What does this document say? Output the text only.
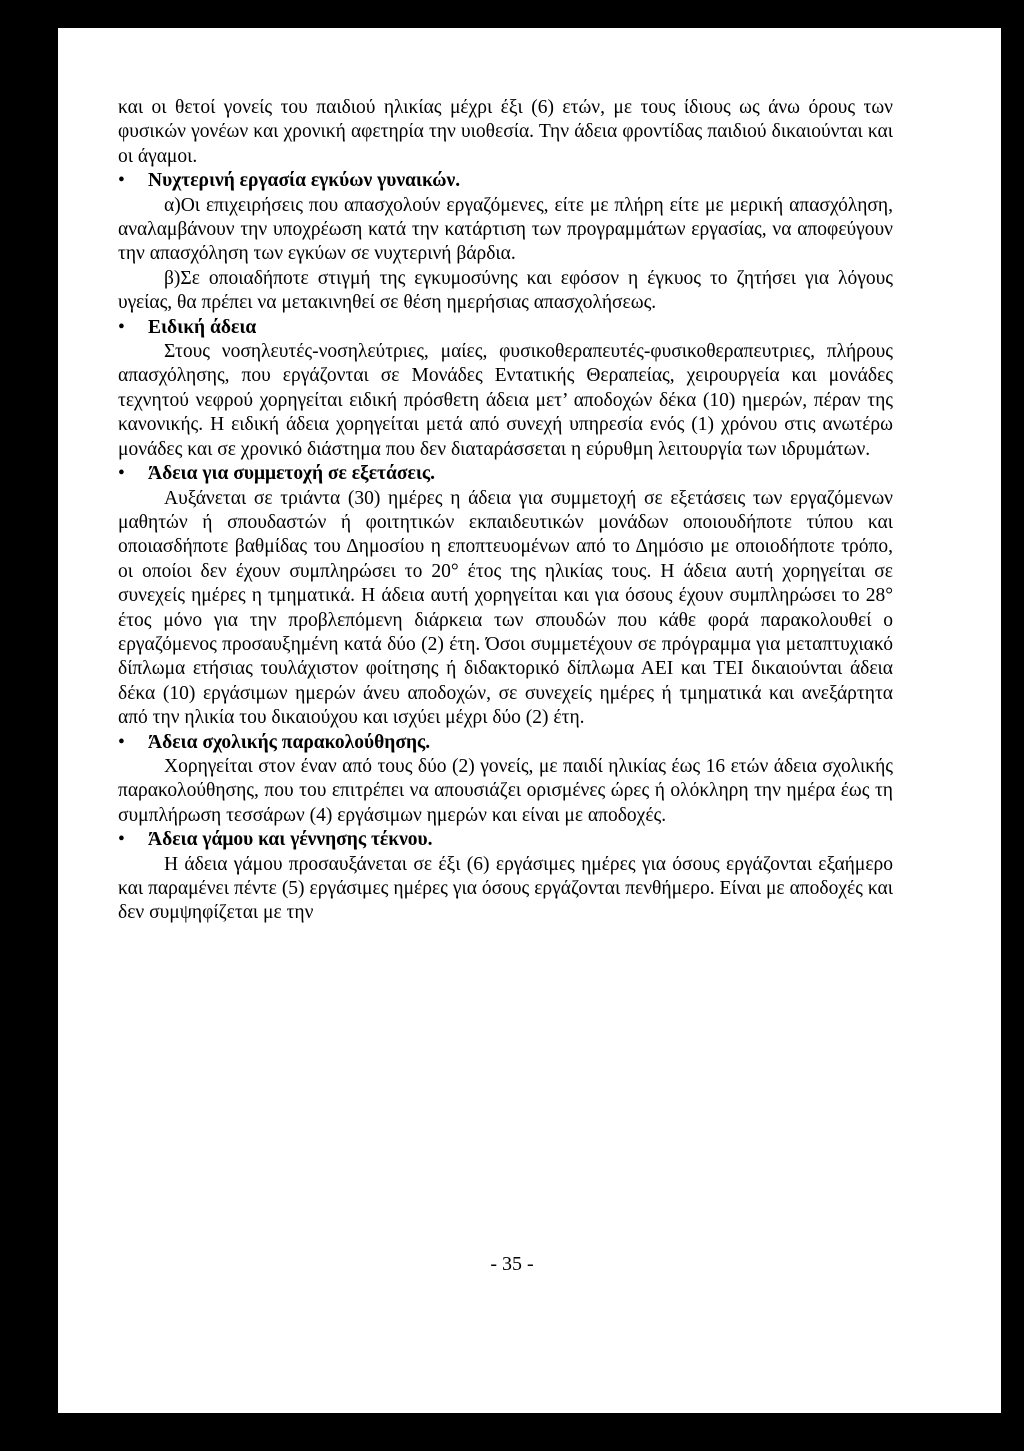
και οι θετοί γονείς του παιδιού ηλικίας μέχρι έξι (6) ετών, με τους ίδιους ως άνω όρους των φυσικών γονέων και χρονική αφετηρία την υιοθεσία. Την άδεια φροντίδας παιδιού δικαιούνται και οι άγαμοι.

• Νυχτερινή εργασία εγκύων γυναικών.

α)Οι επιχειρήσεις που απασχολούν εργαζόμενες, είτε με πλήρη είτε με μερική απασχόληση, αναλαμβάνουν την υποχρέωση κατά την κατάρτιση των προγραμμάτων εργασίας, να αποφεύγουν την απασχόληση των εγκύων σε νυχτερινή βάρδια.

β)Σε οποιαδήποτε στιγμή της εγκυμοσύνης και εφόσον η έγκυος το ζητήσει για λόγους υγείας, θα πρέπει να μετακινηθεί σε θέση ημερήσιας απασχολήσεως.

• Ειδική άδεια

Στους νοσηλευτές-νοσηλεύτριες, μαίες, φυσικοθεραπευτές-φυσικοθεραπευτριες, πλήρους απασχόλησης, που εργάζονται σε Μονάδες Εντατικής Θεραπείας, χειρουργεία και μονάδες τεχνητού νεφρού χορηγείται ειδική πρόσθετη άδεια μετ’ αποδοχών δέκα (10) ημερών, πέραν της κανονικής. Η ειδική άδεια χορηγείται μετά από συνεχή υπηρεσία ενός (1) χρόνου στις ανωτέρω μονάδες και σε χρονικό διάστημα που δεν διαταράσσεται η εύρυθμη λειτουργία των ιδρυμάτων.

• Άδεια για συμμετοχή σε εξετάσεις.

Αυξάνεται σε τριάντα (30) ημέρες η άδεια για συμμετοχή σε εξετάσεις των εργαζόμενων μαθητών ή σπουδαστών ή φοιτητικών εκπαιδευτικών μονάδων οποιουδήποτε τύπου και οποιασδήποτε βαθμίδας του Δημοσίου η εποπτευομένων από το Δημόσιο με οποιοδήποτε τρόπο, οι οποίοι δεν έχουν συμπληρώσει το 20° έτος της ηλικίας τους. Η άδεια αυτή χορηγείται σε συνεχείς ημέρες η τμηματικά. Η άδεια αυτή χορηγείται και για όσους έχουν συμπληρώσει το 28° έτος μόνο για την προβλεπόμενη διάρκεια των σπουδών που κάθε φορά παρακολουθεί ο εργαζόμενος προσαυξημένη κατά δύο (2) έτη. Όσοι συμμετέχουν σε πρόγραμμα για μεταπτυχιακό δίπλωμα ετήσιας τουλάχιστον φοίτησης ή διδακτορικό δίπλωμα ΑΕΙ και ΤΕΙ δικαιούνται άδεια δέκα (10) εργάσιμων ημερών άνευ αποδοχών, σε συνεχείς ημέρες ή τμηματικά και ανεξάρτητα από την ηλικία του δικαιούχου και ισχύει μέχρι δύο (2) έτη.

• Άδεια σχολικής παρακολούθησης.

Χορηγείται στον έναν από τους δύο (2) γονείς, με παιδί ηλικίας έως 16 ετών άδεια σχολικής παρακολούθησης, που του επιτρέπει να απουσιάζει ορισμένες ώρες ή ολόκληρη την ημέρα έως τη συμπλήρωση τεσσάρων (4) εργάσιμων ημερών και είναι με αποδοχές.

• Άδεια γάμου και γέννησης τέκνου.

Η άδεια γάμου προσαυξάνεται σε έξι (6) εργάσιμες ημέρες για όσους εργάζονται εξαήμερο και παραμένει πέντε (5) εργάσιμες ημέρες για όσους εργάζονται πενθήμερο. Είναι με αποδοχές και δεν συμψηφίζεται με την

- 35 -
